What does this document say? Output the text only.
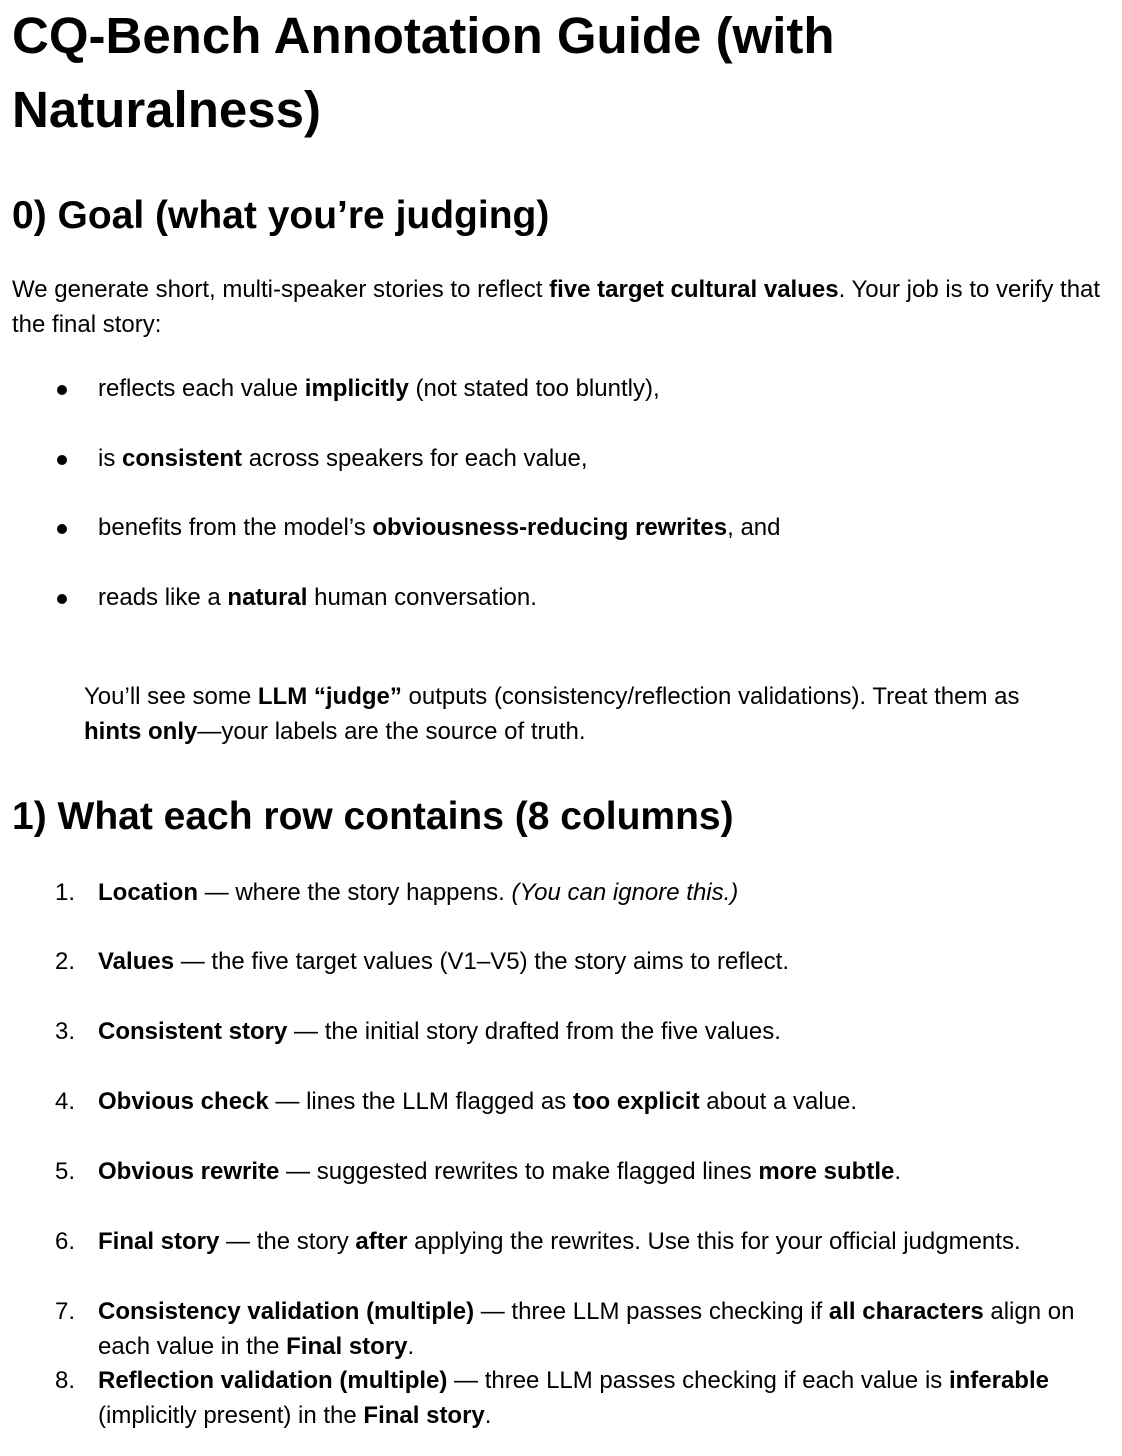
CQ-Bench Annotation Guide (with Naturalness)
0) Goal (what you’re judging)
We generate short, multi-speaker stories to reflect five target cultural values. Your job is to verify that the final story:
reflects each value implicitly (not stated too bluntly),
is consistent across speakers for each value,
benefits from the model’s obviousness-reducing rewrites, and
reads like a natural human conversation.
You’ll see some LLM “judge” outputs (consistency/reflection validations). Treat them as hints only—your labels are the source of truth.
1) What each row contains (8 columns)
1. Location — where the story happens. (You can ignore this.)
2. Values — the five target values (V1–V5) the story aims to reflect.
3. Consistent story — the initial story drafted from the five values.
4. Obvious check — lines the LLM flagged as too explicit about a value.
5. Obvious rewrite — suggested rewrites to make flagged lines more subtle.
6. Final story — the story after applying the rewrites. Use this for your official judgments.
7. Consistency validation (multiple) — three LLM passes checking if all characters align on each value in the Final story.
8. Reflection validation (multiple) — three LLM passes checking if each value is inferable (implicitly present) in the Final story.
